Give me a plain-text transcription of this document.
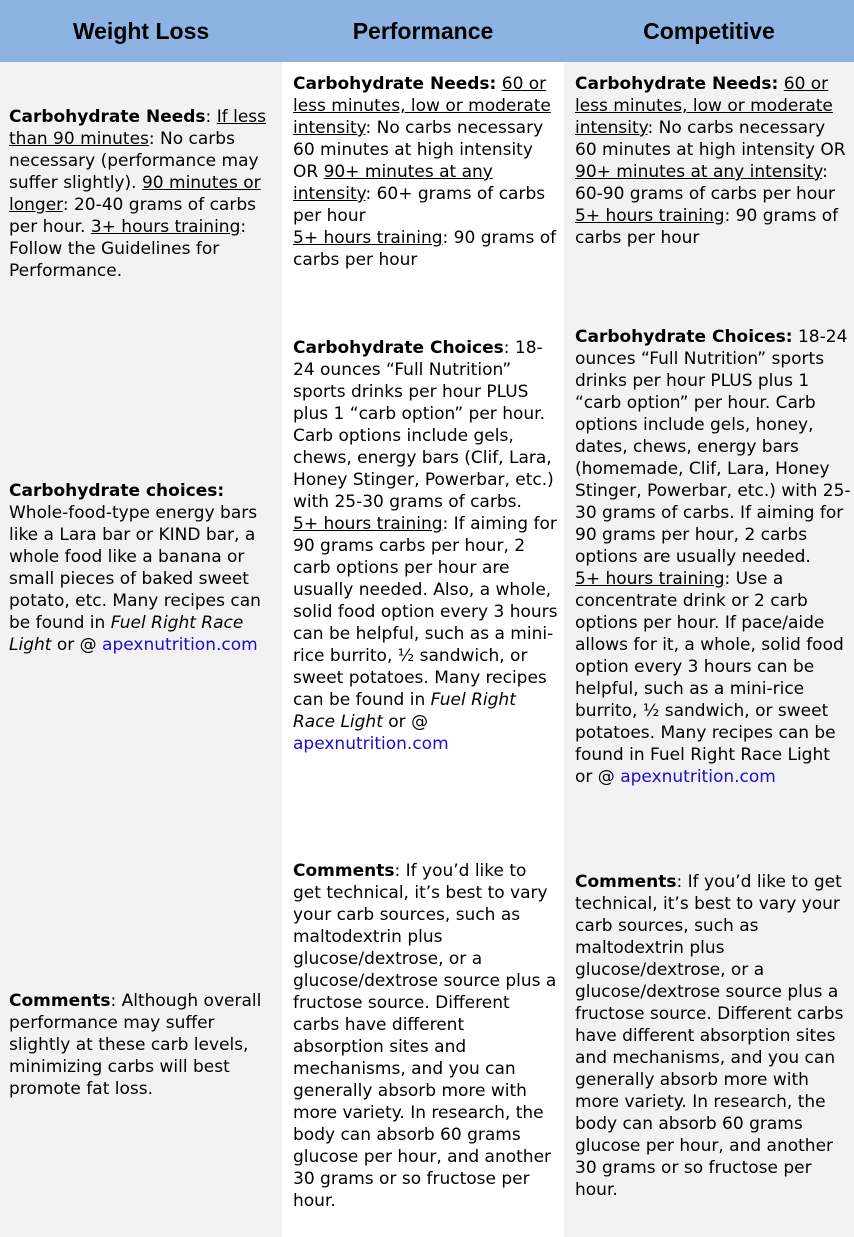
Weight Loss	Performance	Competitive
Carbohydrate Needs: If less than 90 minutes: No carbs necessary (performance may suffer slightly). 90 minutes or longer: 20-40 grams of carbs per hour. 3+ hours training: Follow the Guidelines for Performance.
Carbohydrate choices: Whole-food-type energy bars like a Lara bar or KIND bar, a whole food like a banana or small pieces of baked sweet potato, etc. Many recipes can be found in Fuel Right Race Light or @ apexnutrition.com
Comments: Although overall performance may suffer slightly at these carb levels, minimizing carbs will best promote fat loss.
Carbohydrate Needs: 60 or less minutes, low or moderate intensity: No carbs necessary 60 minutes at high intensity OR 90+ minutes at any intensity: 60+ grams of carbs per hour
5+ hours training: 90 grams of carbs per hour
Carbohydrate Choices: 18-24 ounces “Full Nutrition” sports drinks per hour PLUS plus 1 “carb option” per hour. Carb options include gels, chews, energy bars (Clif, Lara, Honey Stinger, Powerbar, etc.) with 25-30 grams of carbs.
5+ hours training: If aiming for 90 grams carbs per hour, 2 carb options per hour are usually needed. Also, a whole, solid food option every 3 hours can be helpful, such as a mini-rice burrito, ½ sandwich, or sweet potatoes. Many recipes can be found in Fuel Right Race Light or @ apexnutrition.com
Comments: If you’d like to get technical, it’s best to vary your carb sources, such as maltodextrin plus glucose/dextrose, or a glucose/dextrose source plus a fructose source. Different carbs have different absorption sites and mechanisms, and you can generally absorb more with more variety. In research, the body can absorb 60 grams glucose per hour, and another 30 grams or so fructose per hour.
Carbohydrate Needs: 60 or less minutes, low or moderate intensity: No carbs necessary
60 minutes at high intensity OR 90+ minutes at any intensity: 60-90 grams of carbs per hour
5+ hours training: 90 grams of carbs per hour
Carbohydrate Choices: 18-24 ounces “Full Nutrition” sports drinks per hour PLUS plus 1 “carb option” per hour. Carb options include gels, honey, dates, chews, energy bars (homemade, Clif, Lara, Honey Stinger, Powerbar, etc.) with 25-30 grams of carbs. If aiming for 90 grams per hour, 2 carbs options are usually needed.
5+ hours training: Use a concentrate drink or 2 carb options per hour. If pace/aide allows for it, a whole, solid food option every 3 hours can be helpful, such as a mini-rice burrito, ½ sandwich, or sweet potatoes. Many recipes can be found in Fuel Right Race Light or @ apexnutrition.com
Comments: If you’d like to get technical, it’s best to vary your carb sources, such as maltodextrin plus glucose/dextrose, or a glucose/dextrose source plus a fructose source. Different carbs have different absorption sites and mechanisms, and you can generally absorb more with more variety. In research, the body can absorb 60 grams glucose per hour, and another 30 grams or so fructose per hour.
